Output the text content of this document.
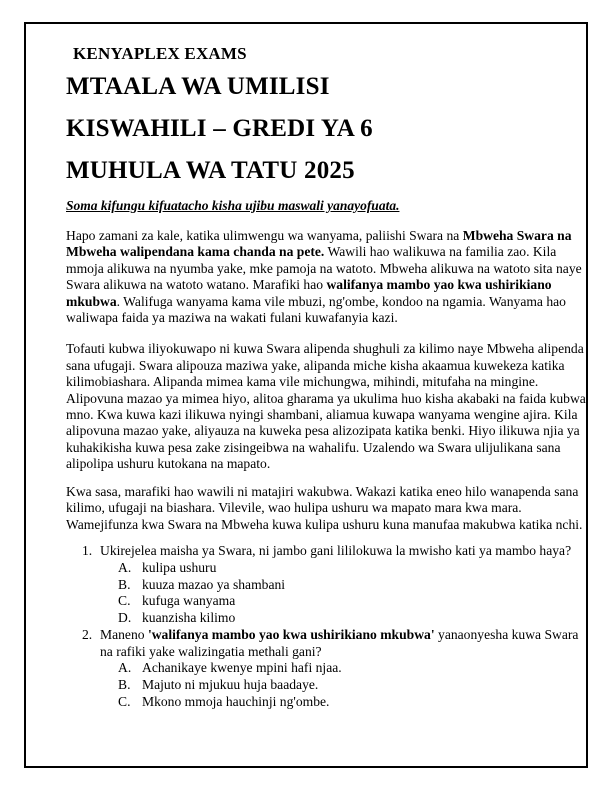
KENYAPLEX EXAMS
MTAALA WA UMILISI
KISWAHILI – GREDI YA 6
MUHULA WA TATU 2025
Soma kifungu kifuatacho kisha ujibu maswali yanayofuata.

Hapo zamani za kale, katika ulimwengu wa wanyama, paliishi Swara na Mbweha Swara na Mbweha walipendana kama chanda na pete. Wawili hao walikuwa na familia zao. Kila mmoja alikuwa na nyumba yake, mke pamoja na watoto. Mbweha alikuwa na watoto sita naye Swara alikuwa na watoto watano. Marafiki hao walifanya mambo yao kwa ushirikiano mkubwa. Walifuga wanyama kama vile mbuzi, ng'ombe, kondoo na ngamia. Wanyama hao waliwapa faida ya maziwa na wakati fulani kuwafanyia kazi.

Tofauti kubwa iliyokuwapo ni kuwa Swara alipenda shughuli za kilimo naye Mbweha alipenda sana ufugaji. Swara alipouza maziwa yake, alipanda miche kisha akaamua kuwekeza katika kilimobiashara. Alipanda mimea kama vile michungwa, mihindi, mitufaha na mingine. Alipovuna mazao ya mimea hiyo, alitoa gharama ya ukulima huo kisha akabaki na faida kubwa mno. Kwa kuwa kazi ilikuwa nyingi shambani, aliamua kuwapa wanyama wengine ajira. Kila alipovuna mazao yake, aliyauza na kuweka pesa alizozipata katika benki. Hiyo ilikuwa njia ya kuhakikisha kuwa pesa zake zisingeibwa na wahalifu. Uzalendo wa Swara ulijulikana sana alipolipa ushuru kutokana na mapato.

Kwa sasa, marafiki hao wawili ni matajiri wakubwa. Wakazi katika eneo hilo wanapenda sana kilimo, ufugaji na biashara. Vilevile, wao hulipa ushuru wa mapato mara kwa mara. Wamejifunza kwa Swara na Mbweha kuwa kulipa ushuru kuna manufaa makubwa katika nchi.

1. Ukirejelea maisha ya Swara, ni jambo gani lililokuwa la mwisho kati ya mambo haya?
A. kulipa ushuru
B. kuuza mazao ya shambani
C. kufuga wanyama
D. kuanzisha kilimo
2. Maneno 'walifanya mambo yao kwa ushirikiano mkubwa' yanaonyesha kuwa Swara na rafiki yake walizingatia methali gani?
A. Achanikaye kwenye mpini hafi njaa.
B. Majuto ni mjukuu huja baadaye.
C. Mkono mmoja hauchinji ng'ombe.
